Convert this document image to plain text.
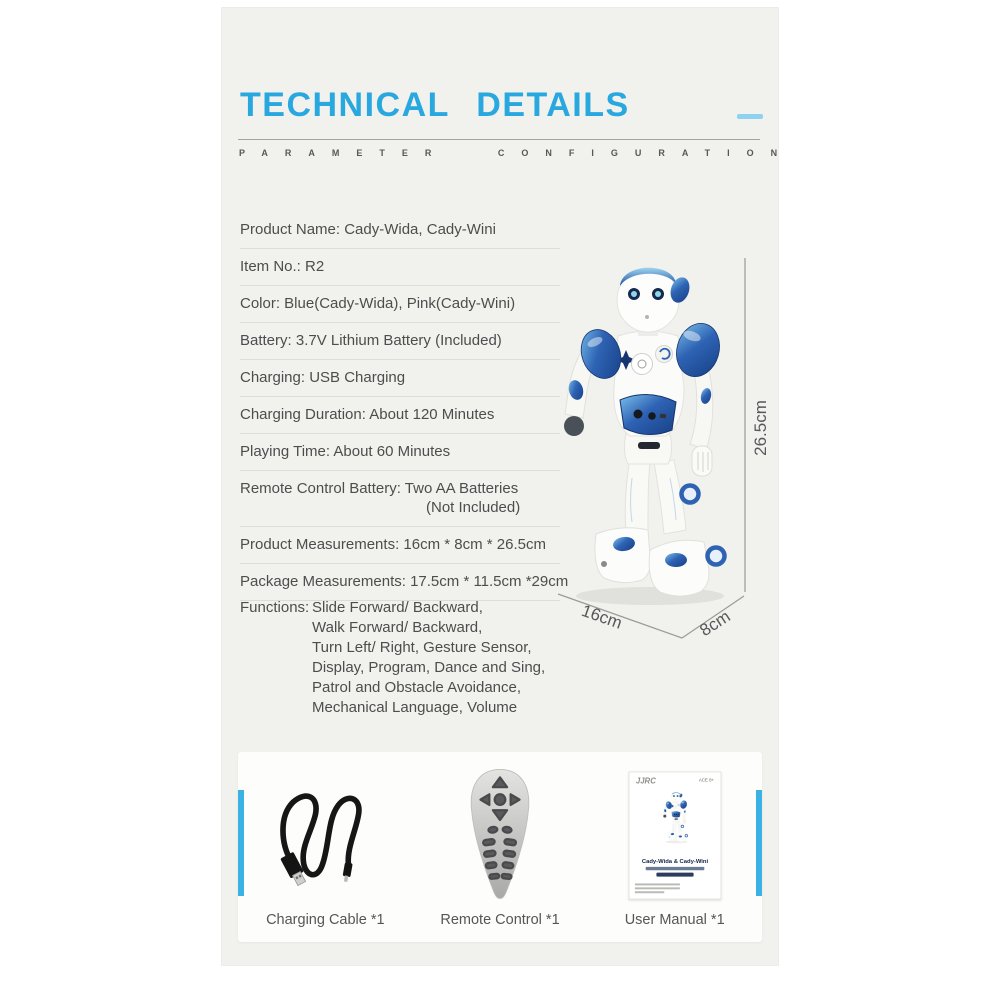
TECHNICAL DETAILS
PARAMETER CONFIGURATION
Product Name: Cady-Wida, Cady-Wini
Item No.: R2
Color: Blue(Cady-Wida), Pink(Cady-Wini)
Battery: 3.7V Lithium Battery (Included)
Charging: USB Charging
Charging Duration: About 120 Minutes
Playing Time: About 60 Minutes
Remote Control Battery: Two AA Batteries
(Not Included)
Product Measurements: 16cm * 8cm * 26.5cm
Package Measurements: 17.5cm * 11.5cm *29cm
Functions: Slide Forward/ Backward,
Walk Forward/ Backward,
Turn Left/ Right, Gesture Sensor,
Display, Program, Dance and Sing,
Patrol and Obstacle Avoidance,
Mechanical Language, Volume
26.5cm
16cm	8cm
Charging Cable *1	Remote Control *1
JJRC	ACE 8+
Cady-Wida & Cady-Wini
User Manual *1
